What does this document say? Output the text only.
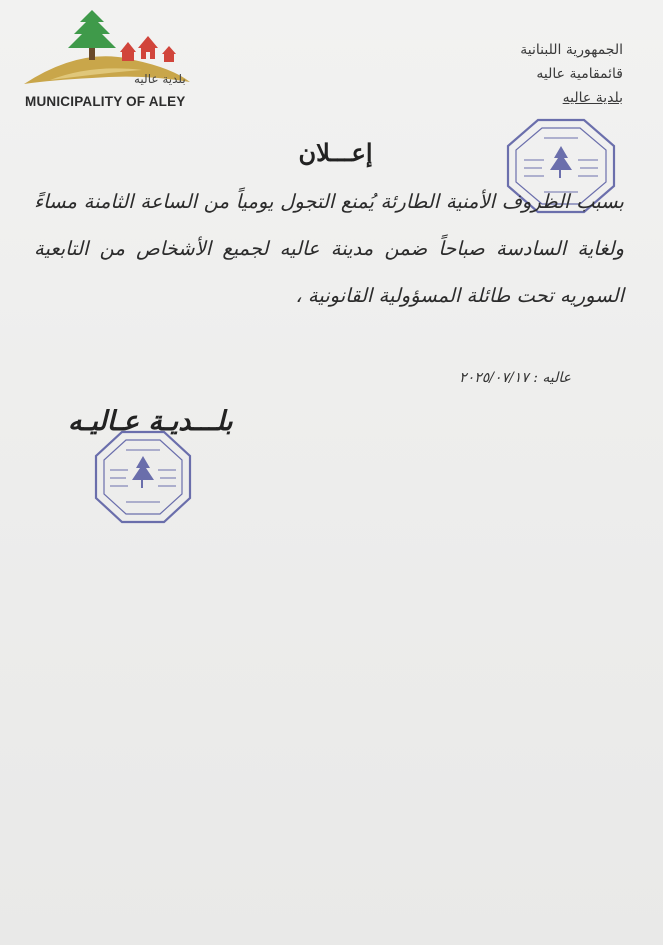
بلدية عاليه
MUNICIPALITY OF ALEY
الجمهورية اللبنانية
قائمقامية عاليه
بلدية عاليه
إعـــلان
بسبب الظروف الأمنية الطارئة يُمنع التجول يومياً من الساعة الثامنة مساءً ولغاية السادسة صباحاً ضمن مدينة عاليه لجميع الأشخاص من التابعية السوريه تحت طائلة المسؤولية القانونية ،
عاليه : ٢٠٢٥/٠٧/١٧
بلـــديـة عـاليـه
